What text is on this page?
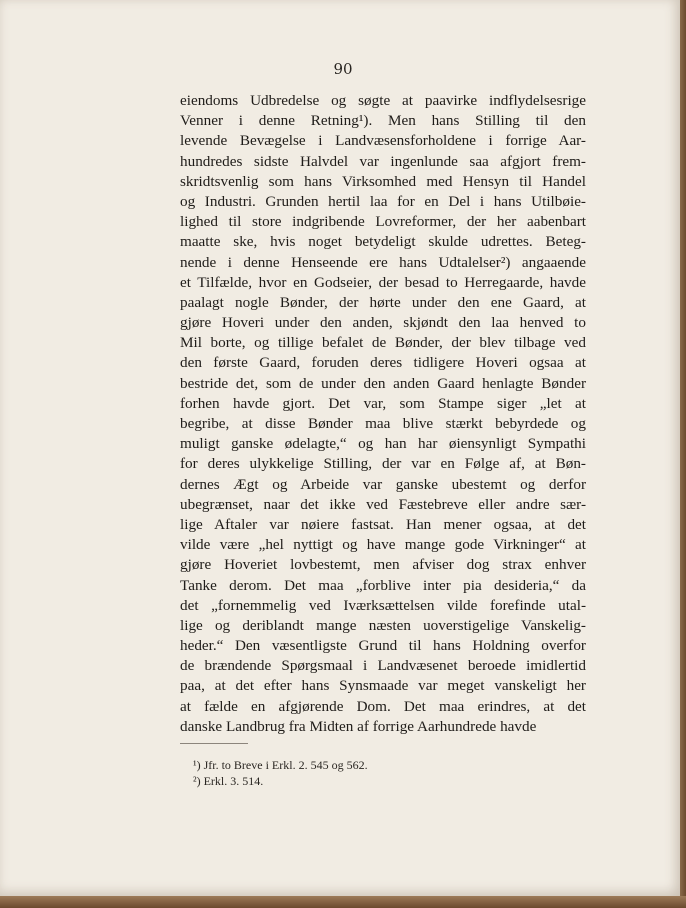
90
eiendoms Udbredelse og søgte at paavirke indflydelsesrige
Venner i denne Retning¹). Men hans Stilling til den
levende Bevægelse i Landvæsensforholdene i forrige Aar-
hundredes sidste Halvdel var ingenlunde saa afgjort frem-
skridtsvenlig som hans Virksomhed med Hensyn til Handel
og Industri. Grunden hertil laa for en Del i hans Utilbøie-
lighed til store indgribende Lovreformer, der her aabenbart
maatte ske, hvis noget betydeligt skulde udrettes. Beteg-
nende i denne Henseende ere hans Udtalelser²) angaaende
et Tilfælde, hvor en Godseier, der besad to Herregaarde, havde
paalagt nogle Bønder, der hørte under den ene Gaard, at
gjøre Hoveri under den anden, skjøndt den laa henved to
Mil borte, og tillige befalet de Bønder, der blev tilbage ved
den første Gaard, foruden deres tidligere Hoveri ogsaa at
bestride det, som de under den anden Gaard henlagte Bønder
forhen havde gjort. Det var, som Stampe siger „let at
begribe, at disse Bønder maa blive stærkt bebyrdede og
muligt ganske ødelagte,“ og han har øiensynligt Sympathi
for deres ulykkelige Stilling, der var en Følge af, at Bøn-
dernes Ægt og Arbeide var ganske ubestemt og derfor
ubegrænset, naar det ikke ved Fæstebreve eller andre sær-
lige Aftaler var nøiere fastsat. Han mener ogsaa, at det
vilde være „hel nyttigt og have mange gode Virkninger“ at
gjøre Hoveriet lovbestemt, men afviser dog strax enhver
Tanke derom. Det maa „forblive inter pia desideria,“ da
det „fornemmelig ved Iværksættelsen vilde forefinde utal-
lige og deriblandt mange næsten uoverstigelige Vanskelig-
heder.“ Den væsentligste Grund til hans Holdning overfor
de brændende Spørgsmaal i Landvæsenet beroede imidlertid
paa, at det efter hans Synsmaade var meget vanskeligt her
at fælde en afgjørende Dom. Det maa erindres, at det
danske Landbrug fra Midten af forrige Aarhundrede havde
¹) Jfr. to Breve i Erkl. 2. 545 og 562.
²) Erkl. 3. 514.
